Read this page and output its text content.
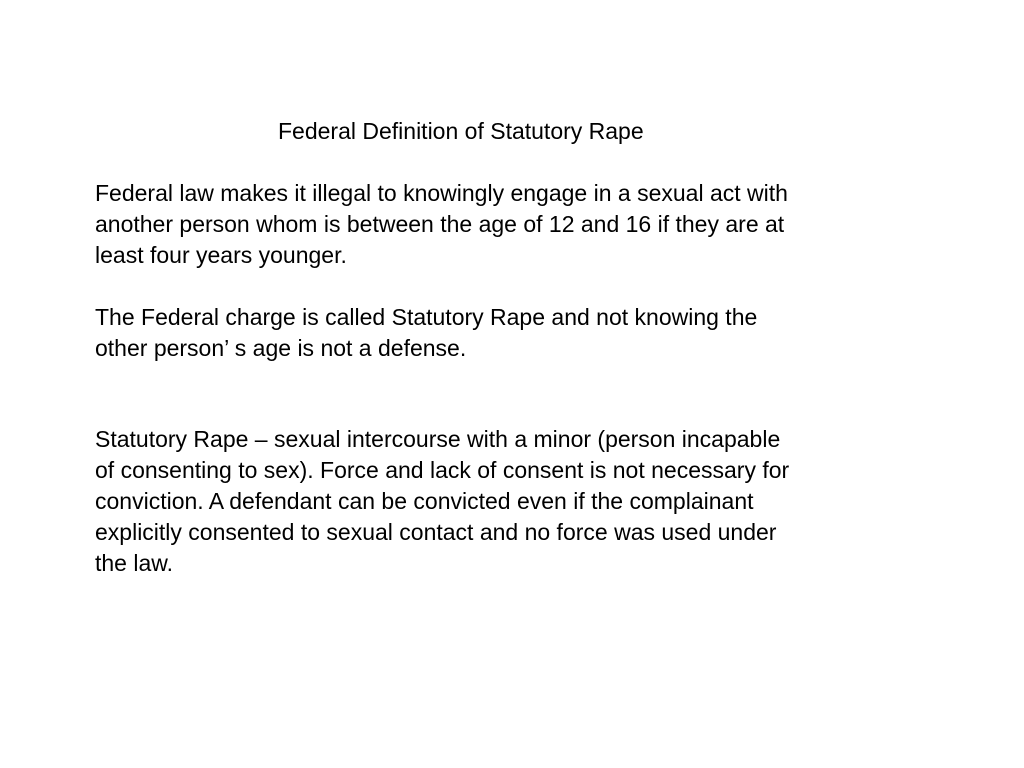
Federal Definition of Statutory Rape

Federal law makes it illegal to knowingly engage in a sexual act with
another person whom is between the age of 12 and 16 if they are at
least four years younger.

The Federal charge is called Statutory Rape and not knowing the
other person’ s age is not a defense.

Statutory Rape – sexual intercourse with a minor (person incapable
of consenting to sex). Force and lack of consent is not necessary for
conviction. A defendant can be convicted even if the complainant
explicitly consented to sexual contact and no force was used under
the law.
